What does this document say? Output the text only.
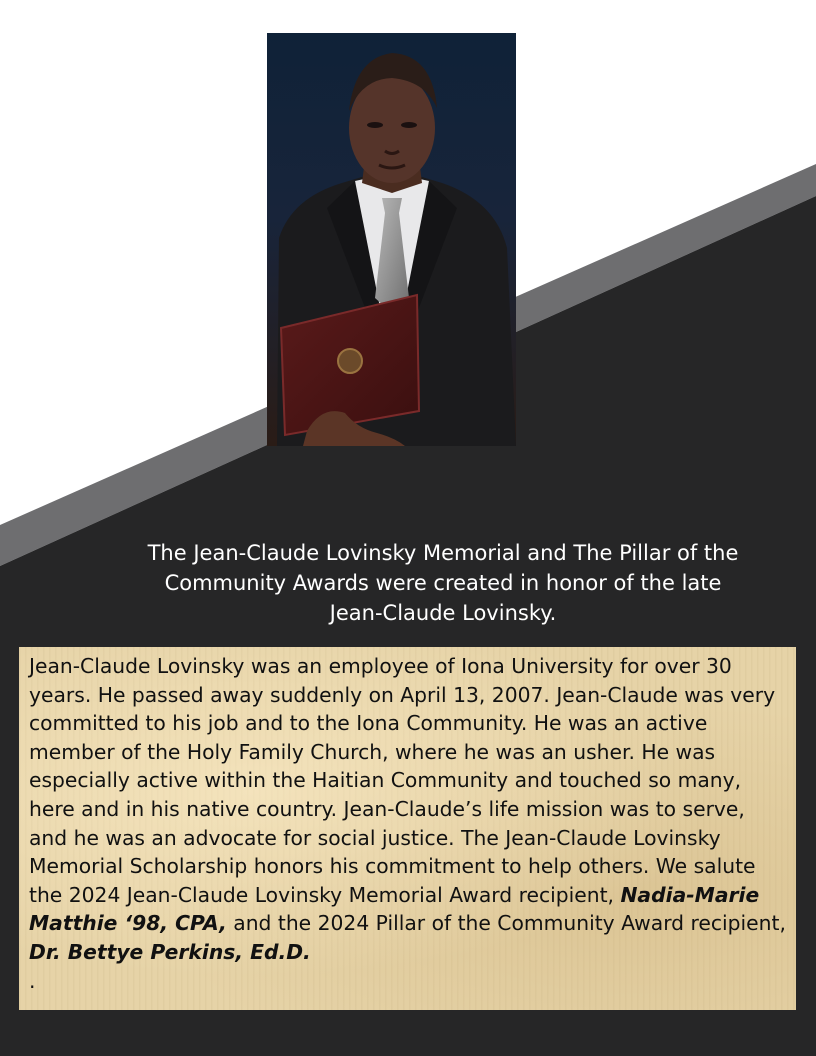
The Jean-Claude Lovinsky Memorial and The Pillar of the
Community Awards were created in honor of the late
Jean-Claude Lovinsky.
Jean-Claude Lovinsky was an employee of Iona University for over 30 years. He passed away suddenly on April 13, 2007. Jean-Claude was very committed to his job and to the Iona Community. He was an active member of the Holy Family Church, where he was an usher. He was especially active within the Haitian Community and touched so many, here and in his native country. Jean-Claude’s life mission was to serve, and he was an advocate for social justice. The Jean-Claude Lovinsky Memorial Scholarship honors his commitment to help others. We salute the 2024 Jean-Claude Lovinsky Memorial Award recipient, Nadia-Marie Matthie ‘98, CPA, and the 2024 Pillar of the Community Award recipient, Dr. Bettye Perkins, Ed.D.
.
